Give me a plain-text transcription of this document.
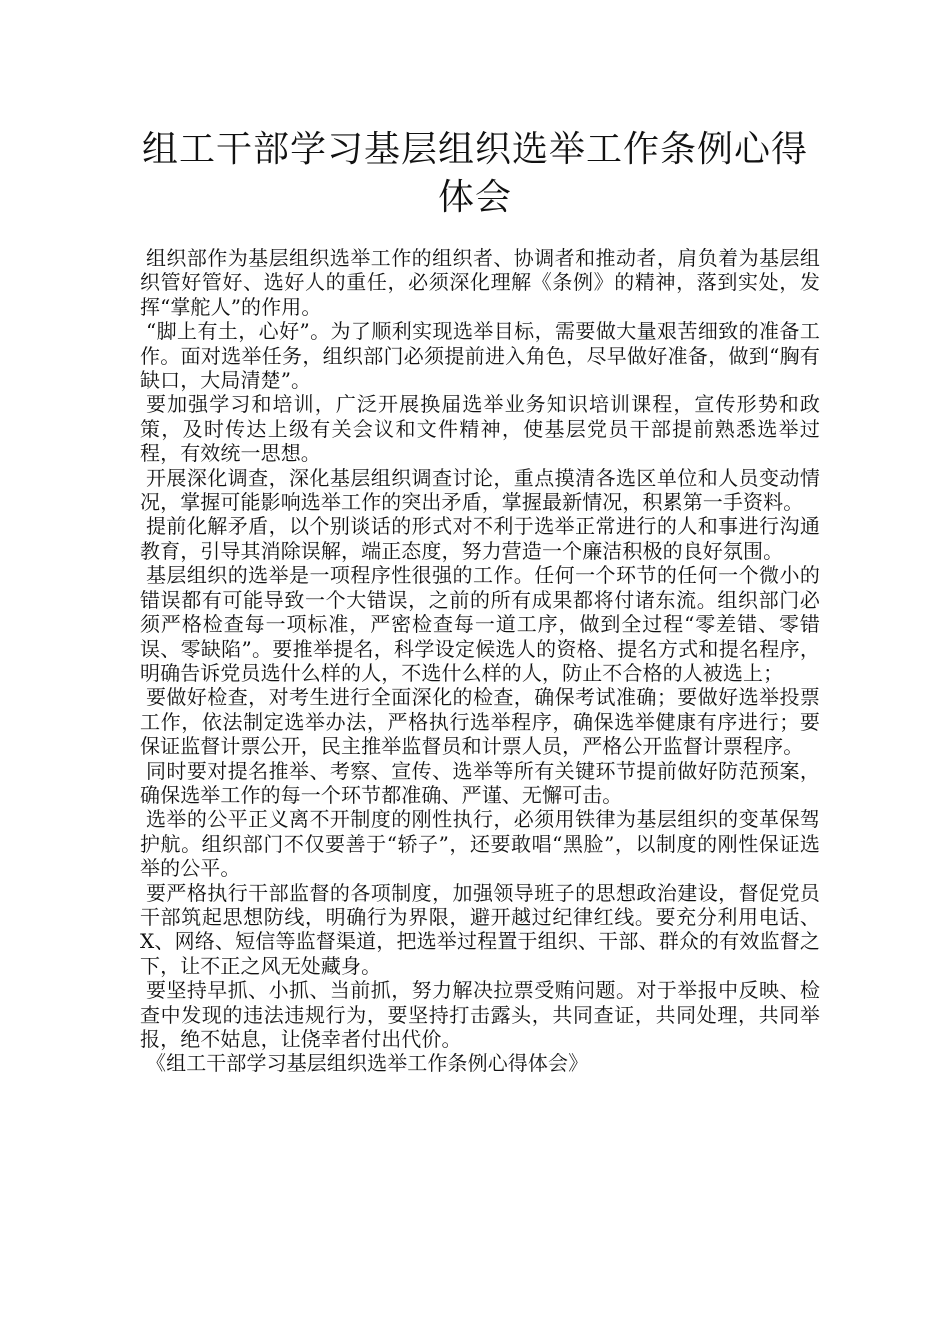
组工干部学习基层组织选举工作条例心得
体会

组织部作为基层组织选举工作的组织者、协调者和推动者，肩负着为基层组织管好管好、选好人的重任，必须深化理解《条例》的精神，落到实处，发挥“掌舵人”的作用。

“脚上有土，心好”。为了顺利实现选举目标，需要做大量艰苦细致的准备工作。面对选举任务，组织部门必须提前进入角色，尽早做好准备，做到“胸有缺口，大局清楚”。

要加强学习和培训，广泛开展换届选举业务知识培训课程，宣传形势和政策，及时传达上级有关会议和文件精神，使基层党员干部提前熟悉选举过程，有效统一思想。

开展深化调查，深化基层组织调查讨论，重点摸清各选区单位和人员变动情况，掌握可能影响选举工作的突出矛盾，掌握最新情况，积累第一手资料。

提前化解矛盾，以个别谈话的形式对不利于选举正常进行的人和事进行沟通教育，引导其消除误解，端正态度，努力营造一个廉洁积极的良好氛围。

基层组织的选举是一项程序性很强的工作。任何一个环节的任何一个微小的错误都有可能导致一个大错误，之前的所有成果都将付诸东流。组织部门必须严格检查每一项标准，严密检查每一道工序，做到全过程“零差错、零错误、零缺陷”。要推举提名，科学设定候选人的资格、提名方式和提名程序，明确告诉党员选什么样的人，不选什么样的人，防止不合格的人被选上；

要做好检查，对考生进行全面深化的检查，确保考试准确；要做好选举投票工作，依法制定选举办法，严格执行选举程序，确保选举健康有序进行；要保证监督计票公开，民主推举监督员和计票人员，严格公开监督计票程序。

同时要对提名推举、考察、宣传、选举等所有关键环节提前做好防范预案，确保选举工作的每一个环节都准确、严谨、无懈可击。

选举的公平正义离不开制度的刚性执行，必须用铁律为基层组织的变革保驾护航。组织部门不仅要善于“轿子”，还要敢唱“黑脸”，以制度的刚性保证选举的公平。

要严格执行干部监督的各项制度，加强领导班子的思想政治建设，督促党员干部筑起思想防线，明确行为界限，避开越过纪律红线。要充分利用电话、X、网络、短信等监督渠道，把选举过程置于组织、干部、群众的有效监督之下，让不正之风无处藏身。

要坚持早抓、小抓、当前抓，努力解决拉票受贿问题。对于举报中反映、检查中发现的违法违规行为，要坚持打击露头，共同查证，共同处理，共同举报，绝不姑息，让侥幸者付出代价。

《组工干部学习基层组织选举工作条例心得体会》
